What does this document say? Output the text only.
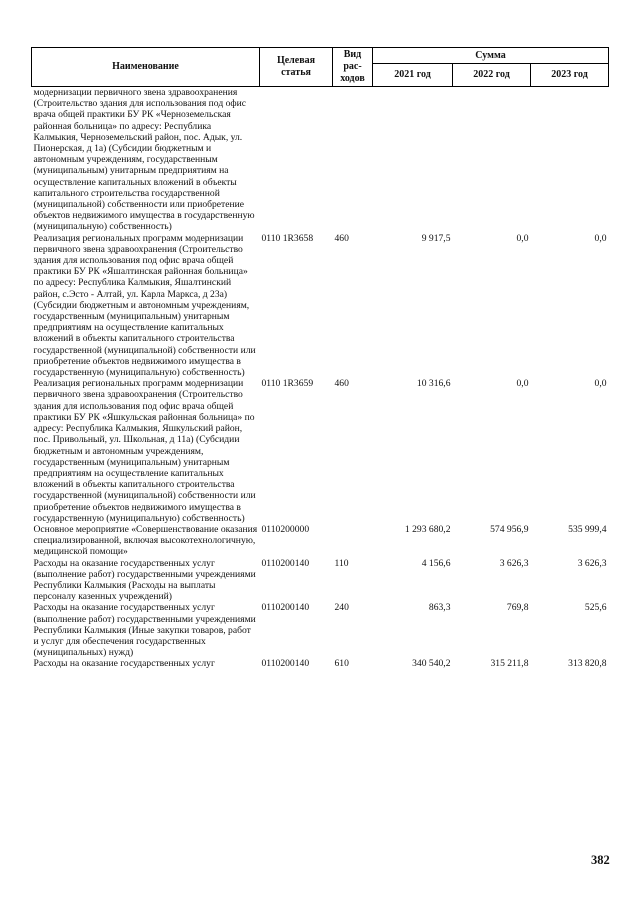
Наименование	Целевая статья	Вид рас-ходов	Сумма		
			2021 год	2022 год	2023 год
модернизации первичного звена здравоохранения (Строительство здания для использования под офис врача общей практики БУ РК «Черноземельская районная больница» по адресу: Республика Калмыкия, Черноземельский район, пос. Адык, ул. Пионерская, д 1а) (Субсидии бюджетным и автономным учреждениям, государственным (муниципальным) унитарным предприятиям на осуществление капитальных вложений в объекты капитального строительства государственной (муниципальной) собственности или приобретение объектов недвижимого имущества в государственную (муниципальную) собственность)					
Реализация региональных программ модернизации первичного звена здравоохранения (Строительство здания для использования под офис врача общей практики БУ РК «Яшалтинская районная больница» по адресу: Республика Калмыкия, Яшалтинский район, с.Эсто - Алтай, ул. Карла Маркса, д 23а) (Субсидии бюджетным и автономным учреждениям, государственным (муниципальным) унитарным предприятиям на осуществление капитальных вложений в объекты капитального строительства государственной (муниципальной) собственности или приобретение объектов недвижимого имущества в государственную (муниципальную) собственность)	0110 1R3658	460	9 917,5	0,0	0,0
Реализация региональных программ модернизации первичного звена здравоохранения (Строительство здания для использования под офис врача общей практики БУ РК «Яшкульская районная больница» по адресу: Республика Калмыкия, Яшкульский район, пос. Привольный, ул. Школьная, д 11а) (Субсидии бюджетным и автономным учреждениям, государственным (муниципальным) унитарным предприятиям на осуществление капитальных вложений в объекты капитального строительства государственной (муниципальной) собственности или приобретение объектов недвижимого имущества в государственную (муниципальную) собственность)	0110 1R3659	460	10 316,6	0,0	0,0
Основное мероприятие «Совершенствование оказания специализированной, включая высокотехнологичную, медицинской помощи»	0110200000		1 293 680,2	574 956,9	535 999,4
Расходы на оказание государственных услуг (выполнение работ) государственными учреждениями Республики Калмыкия (Расходы на выплаты персоналу казенных учреждений)	0110200140	110	4 156,6	3 626,3	3 626,3
Расходы на оказание государственных услуг (выполнение работ) государственными учреждениями Республики Калмыкия (Иные закупки товаров, работ и услуг для обеспечения государственных (муниципальных) нужд)	0110200140	240	863,3	769,8	525,6
Расходы на оказание государственных услуг	0110200140	610	340 540,2	315 211,8	313 820,8
382
